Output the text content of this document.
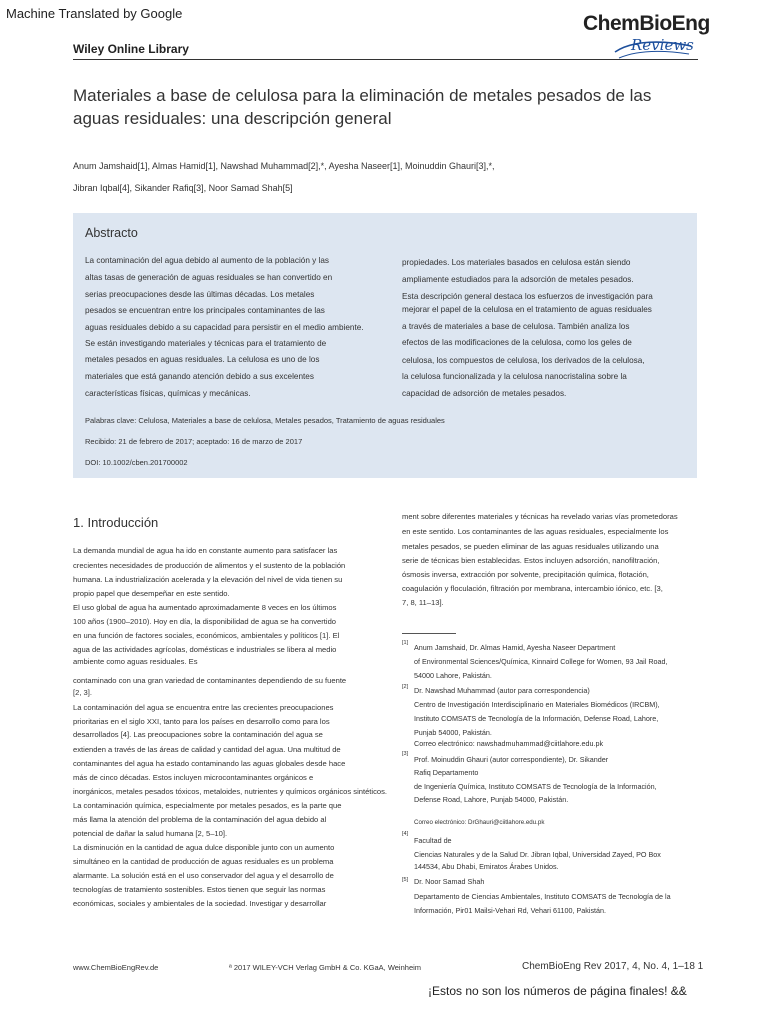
Machine Translated by Google
Wiley Online Library
ChemBioEng
Reviews
Materiales a base de celulosa para la eliminación de metales pesados de las
aguas residuales: una descripción general
Anum Jamshaid[1], Almas Hamid[1], Nawshad Muhammad[2],*, Ayesha Naseer[1], Moinuddin Ghauri[3],*,
Jibran Iqbal[4], Sikander Rafiq[3], Noor Samad Shah[5]
Abstracto
La contaminación del agua debido al aumento de la población y las
altas tasas de generación de aguas residuales se han convertido en
serias preocupaciones desde las últimas décadas. Los metales
pesados se encuentran entre los principales contaminantes de las
aguas residuales debido a su capacidad para persistir en el medio ambiente.
Se están investigando materiales y técnicas para el tratamiento de
metales pesados en aguas residuales. La celulosa es uno de los
materiales que está ganando atención debido a sus excelentes
características físicas, químicas y mecánicas.
propiedades. Los materiales basados en celulosa están siendo
ampliamente estudiados para la adsorción de metales pesados.
Esta descripción general destaca los esfuerzos de investigación para
mejorar el papel de la celulosa en el tratamiento de aguas residuales
a través de materiales a base de celulosa. También analiza los
efectos de las modificaciones de la celulosa, como los geles de
celulosa, los compuestos de celulosa, los derivados de la celulosa,
la celulosa funcionalizada y la celulosa nanocristalina sobre la
capacidad de adsorción de metales pesados.
Palabras clave: Celulosa, Materiales a base de celulosa, Metales pesados, Tratamiento de aguas residuales
Recibido: 21 de febrero de 2017; aceptado: 16 de marzo de 2017
DOI: 10.1002/cben.201700002
1. Introducción
La demanda mundial de agua ha ido en constante aumento para satisfacer las
crecientes necesidades de producción de alimentos y el sustento de la población
humana. La industrialización acelerada y la elevación del nivel de vida tienen su
propio papel que desempeñar en este sentido.
El uso global de agua ha aumentado aproximadamente 8 veces en los últimos
100 años (1900–2010). Hoy en día, la disponibilidad de agua se ha convertido
en una función de factores sociales, económicos, ambientales y políticos [1]. El
agua de las actividades agrícolas, domésticas e industriales se libera al medio
ambiente como aguas residuales. Es
contaminado con una gran variedad de contaminantes dependiendo de su fuente
[2, 3].
La contaminación del agua se encuentra entre las crecientes preocupaciones
prioritarias en el siglo XXI, tanto para los países en desarrollo como para los
desarrollados [4]. Las preocupaciones sobre la contaminación del agua se
extienden a través de las áreas de calidad y cantidad del agua. Una multitud de
contaminantes del agua ha estado contaminando las aguas globales desde hace
más de cinco décadas. Estos incluyen microcontaminantes orgánicos e
inorgánicos, metales pesados tóxicos, metaloides, nutrientes y químicos orgánicos sintéticos.
La contaminación química, especialmente por metales pesados, es la parte que
más llama la atención del problema de la contaminación del agua debido al
potencial de dañar la salud humana [2, 5–10].
La disminución en la cantidad de agua dulce disponible junto con un aumento
simultáneo en la cantidad de producción de aguas residuales es un problema
alarmante. La solución está en el uso conservador del agua y el desarrollo de
tecnologías de tratamiento sostenibles. Estos tienen que seguir las normas
económicas, sociales y ambientales de la sociedad. Investigar y desarrollar
ment sobre diferentes materiales y técnicas ha revelado varias vías prometedoras
en este sentido. Los contaminantes de las aguas residuales, especialmente los
metales pesados, se pueden eliminar de las aguas residuales utilizando una
serie de técnicas bien establecidas. Estos incluyen adsorción, nanofiltración,
ósmosis inversa, extracción por solvente, precipitación química, flotación,
coagulación y floculación, filtración por membrana, intercambio iónico, etc. [3,
7, 8, 11–13].
[1] Anum Jamshaid, Dr. Almas Hamid, Ayesha Naseer Department
of Environmental Sciences/Química, Kinnaird College for Women, 93 Jail Road,
54000 Lahore, Pakistán.
[2] Dr. Nawshad Muhammad (autor para correspondencia)
Centro de Investigación Interdisciplinario en Materiales Biomédicos (IRCBM),
Instituto COMSATS de Tecnología de la Información, Defense Road, Lahore,
Punjab 54000, Pakistán.
Correo electrónico: nawshadmuhammad@ciitlahore.edu.pk
[3]
Prof. Moinuddin Ghauri (autor correspondiente), Dr. Sikander
Rafiq Departamento
de Ingeniería Química, Instituto COMSATS de Tecnología de la Información,
Defense Road, Lahore, Punjab 54000, Pakistán.
Correo electrónico: DrGhauri@ciitlahore.edu.pk
[4]
Facultad de
Ciencias Naturales y de la Salud Dr. Jibran Iqbal, Universidad Zayed, PO Box
144534, Abu Dhabi, Emiratos Árabes Unidos.
[5] Dr. Noor Samad Shah
Departamento de Ciencias Ambientales, Instituto COMSATS de Tecnología de la
Información, Pir01 Mailsi-Vehari Rd, Vehari 61100, Pakistán.
www.ChemBioEngRev.de	ª 2017 WILEY-VCH Verlag GmbH & Co. KGaA, Weinheim	ChemBioEng Rev 2017, 4, No. 4, 1–18 1
¡Estos no son los números de página finales! &&
